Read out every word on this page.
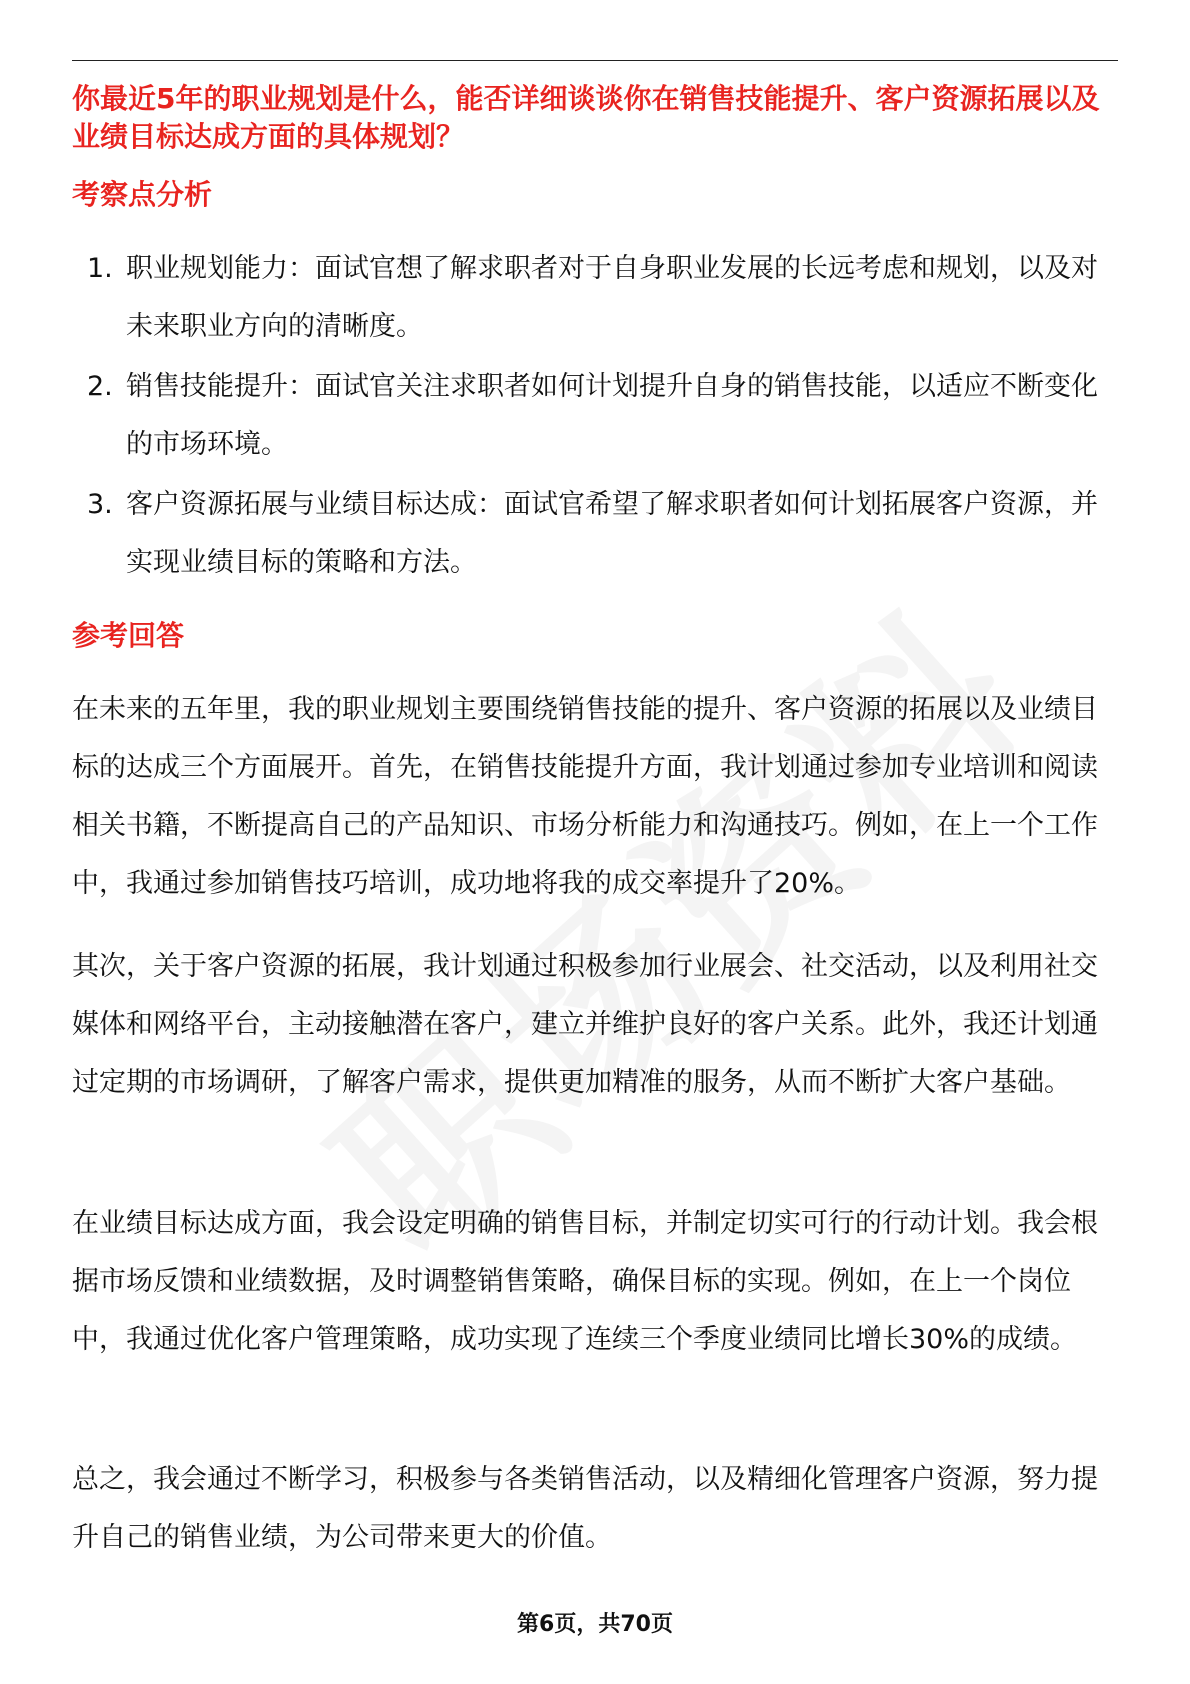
你最近5年的职业规划是什么，能否详细谈谈你在销售技能提升、客户资源拓展以及业绩目标达成方面的具体规划？

考察点分析
1. 职业规划能力：面试官想了解求职者对于自身职业发展的长远考虑和规划，以及对未来职业方向的清晰度。
2. 销售技能提升：面试官关注求职者如何计划提升自身的销售技能，以适应不断变化的市场环境。
3. 客户资源拓展与业绩目标达成：面试官希望了解求职者如何计划拓展客户资源，并实现业绩目标的策略和方法。
参考回答

在未来的五年里，我的职业规划主要围绕销售技能的提升、客户资源的拓展以及业绩目标的达成三个方面展开。首先，在销售技能提升方面，我计划通过参加专业培训和阅读相关书籍，不断提高自己的产品知识、市场分析能力和沟通技巧。例如，在上一个工作中，我通过参加销售技巧培训，成功地将我的成交率提升了20%。

其次，关于客户资源的拓展，我计划通过积极参加行业展会、社交活动，以及利用社交媒体和网络平台，主动接触潜在客户，建立并维护良好的客户关系。此外，我还计划通过定期的市场调研，了解客户需求，提供更加精准的服务，从而不断扩大客户基础。

在业绩目标达成方面，我会设定明确的销售目标，并制定切实可行的行动计划。我会根据市场反馈和业绩数据，及时调整销售策略，确保目标的实现。例如，在上一个岗位中，我通过优化客户管理策略，成功实现了连续三个季度业绩同比增长30%的成绩。

总之，我会通过不断学习，积极参与各类销售活动，以及精细化管理客户资源，努力提升自己的销售业绩，为公司带来更大的价值。

第6页，共70页
